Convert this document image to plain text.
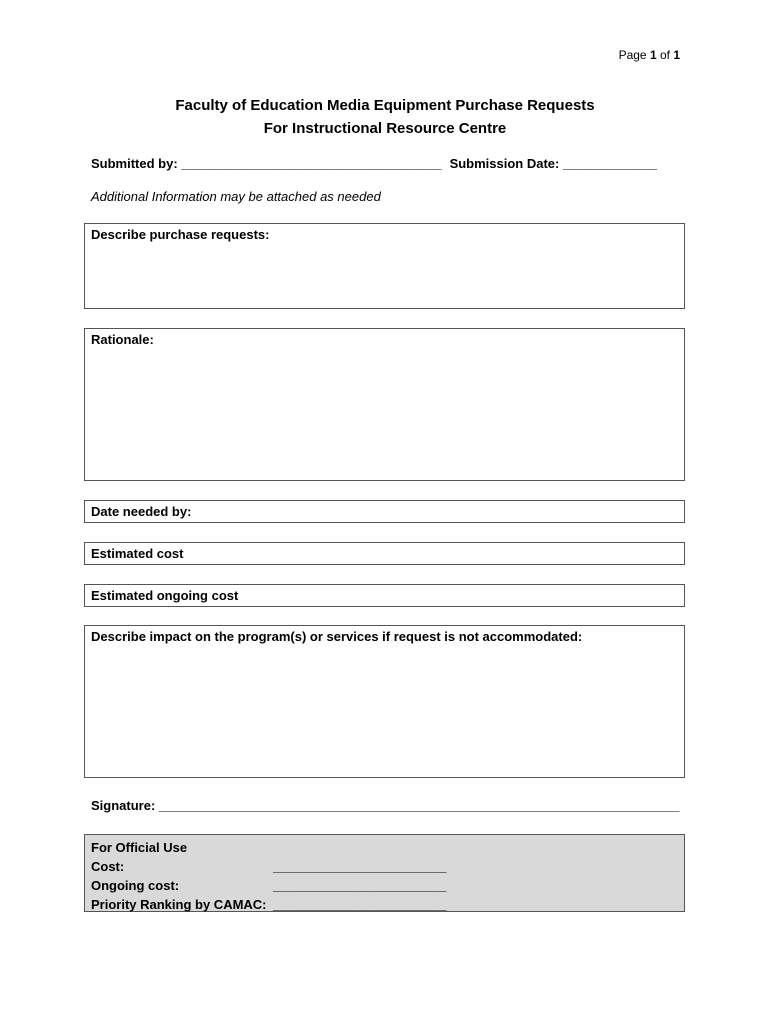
Page 1 of 1
Faculty of Education Media Equipment Purchase Requests
For Instructional Resource Centre
Submitted by: ____________________________________ Submission Date: _____________
Additional Information may be attached as needed
Describe purchase requests:
Rationale:
Date needed by:
Estimated cost
Estimated ongoing cost
Describe impact on the program(s) or services if request is not accommodated:
Signature: ________________________________________________________________________
For Official Use
Cost:	________________________
Ongoing cost:	________________________
Priority Ranking by CAMAC: ________________________
